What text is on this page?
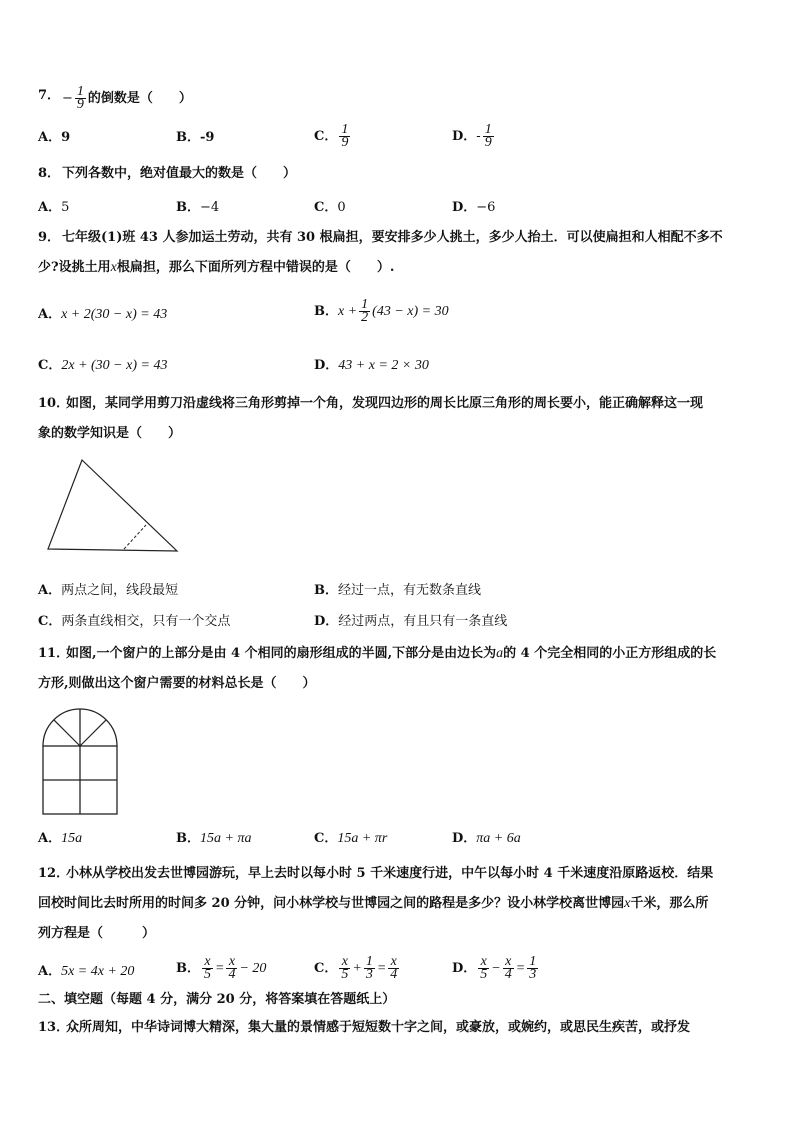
7． − $\frac{1}{9}$ 的倒数是（　　）
A．9	B．-9	C． $\frac{1}{9}$	D．- $\frac{1}{9}$
8． 下列各数中，绝对值最大的数是（　　）
A．5	B．−4	C．0	D．−6
9． 七年级(1)班 43 人参加运土劳动，共有 30 根扁担，要安排多少人挑土，多少人抬土．可以使扁担和人相配不多不
少?设挑土用x根扁担，那么下面所列方程中错误的是（　　）.
A．x + 2(30 − x) = 43	B．$x + \frac{1}{2} (43 - x) = 30$
C．2x + (30 − x) = 43	D．43 + x = 2 × 30
10．
如图，某同学用剪刀沿虚线将三角形剪掉一个角，发现四边形的周长比原三角形的周长要小，能正确解释这一现
象的数学知识是（　　）
A．两点之间，线段最短	B．经过一点，有无数条直线
C．两条直线相交，只有一个交点	D．经过两点，有且只有一条直线
11．
如图,一个窗户的上部分是由 4 个相同的扇形组成的半圆,下部分是由边长为a的 4 个完全相同的小正方形组成的长
方形,则做出这个窗户需要的材料总长是（　　）
A．15a	B．15a + πa	C．15a + πr	D．πa + 6a
12．
小林从学校出发去世博园游玩，早上去时以每小时 5 千米速度行进，中午以每小时 4 千米速度沿原路返校．结果
回校时间比去时所用的时间多 20 分钟，问小林学校与世博园之间的路程是多少？设小林学校离世博园x千米，那么所
列方程是（　　　）
A．5x = 4x + 20	B． $\frac{x}{5} = \frac{x}{4} - 20$	C． $\frac{x}{5} + \frac{1}{3} = \frac{x}{4}$	D． $\frac{x}{5} - \frac{x}{4} = \frac{1}{3}$
二、填空题（每题 4 分，满分 20 分，将答案填在答题纸上）
13．
众所周知，中华诗词博大精深，集大量的景情感于短短数十字之间，或豪放，或婉约，或思民生疾苦，或抒发
